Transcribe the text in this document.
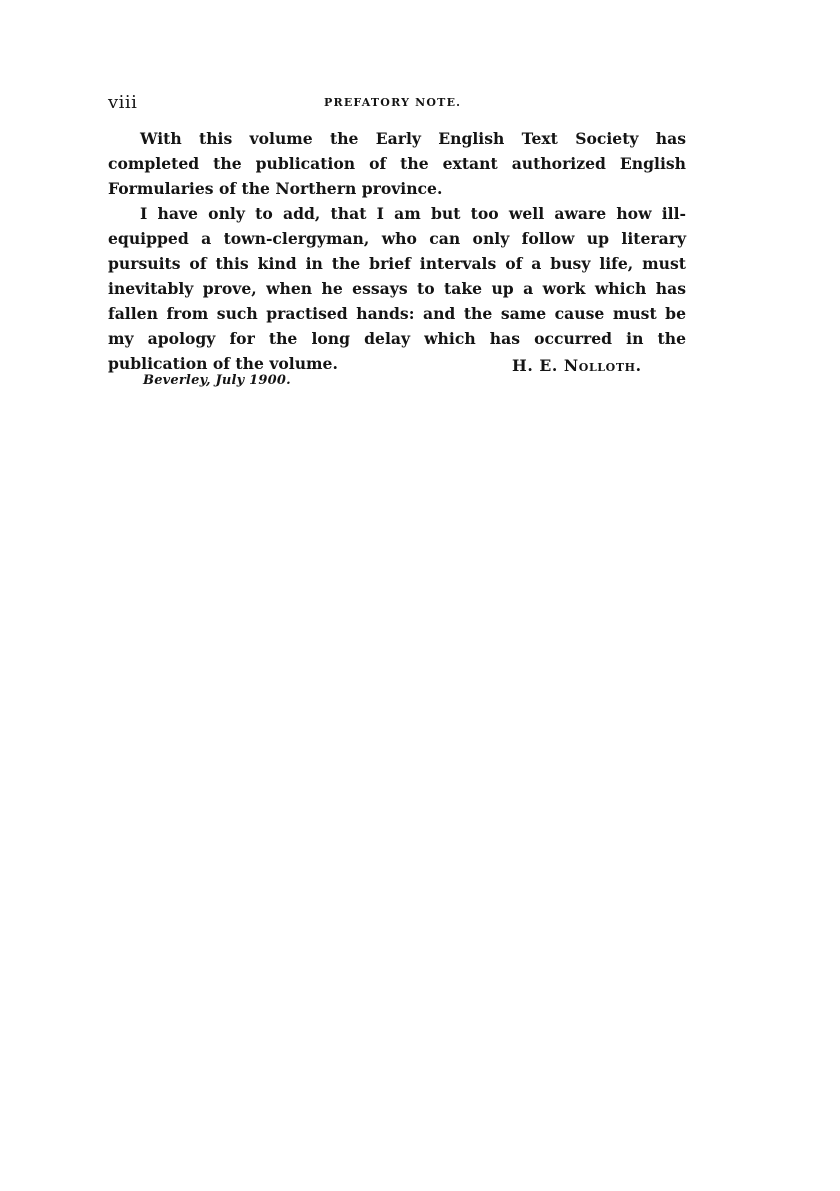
viii	PREFATORY NOTE.

With this volume the Early English Text Society has completed the publication of the extant authorized English Formularies of the Northern province.

I have only to add, that I am but too well aware how ill-equipped a town-clergyman, who can only follow up literary pursuits of this kind in the brief intervals of a busy life, must inevitably prove, when he essays to take up a work which has fallen from such practised hands: and the same cause must be my apology for the long delay which has occurred in the publication of the volume.	H. E. Nolloth.
Beverley, July 1900.
